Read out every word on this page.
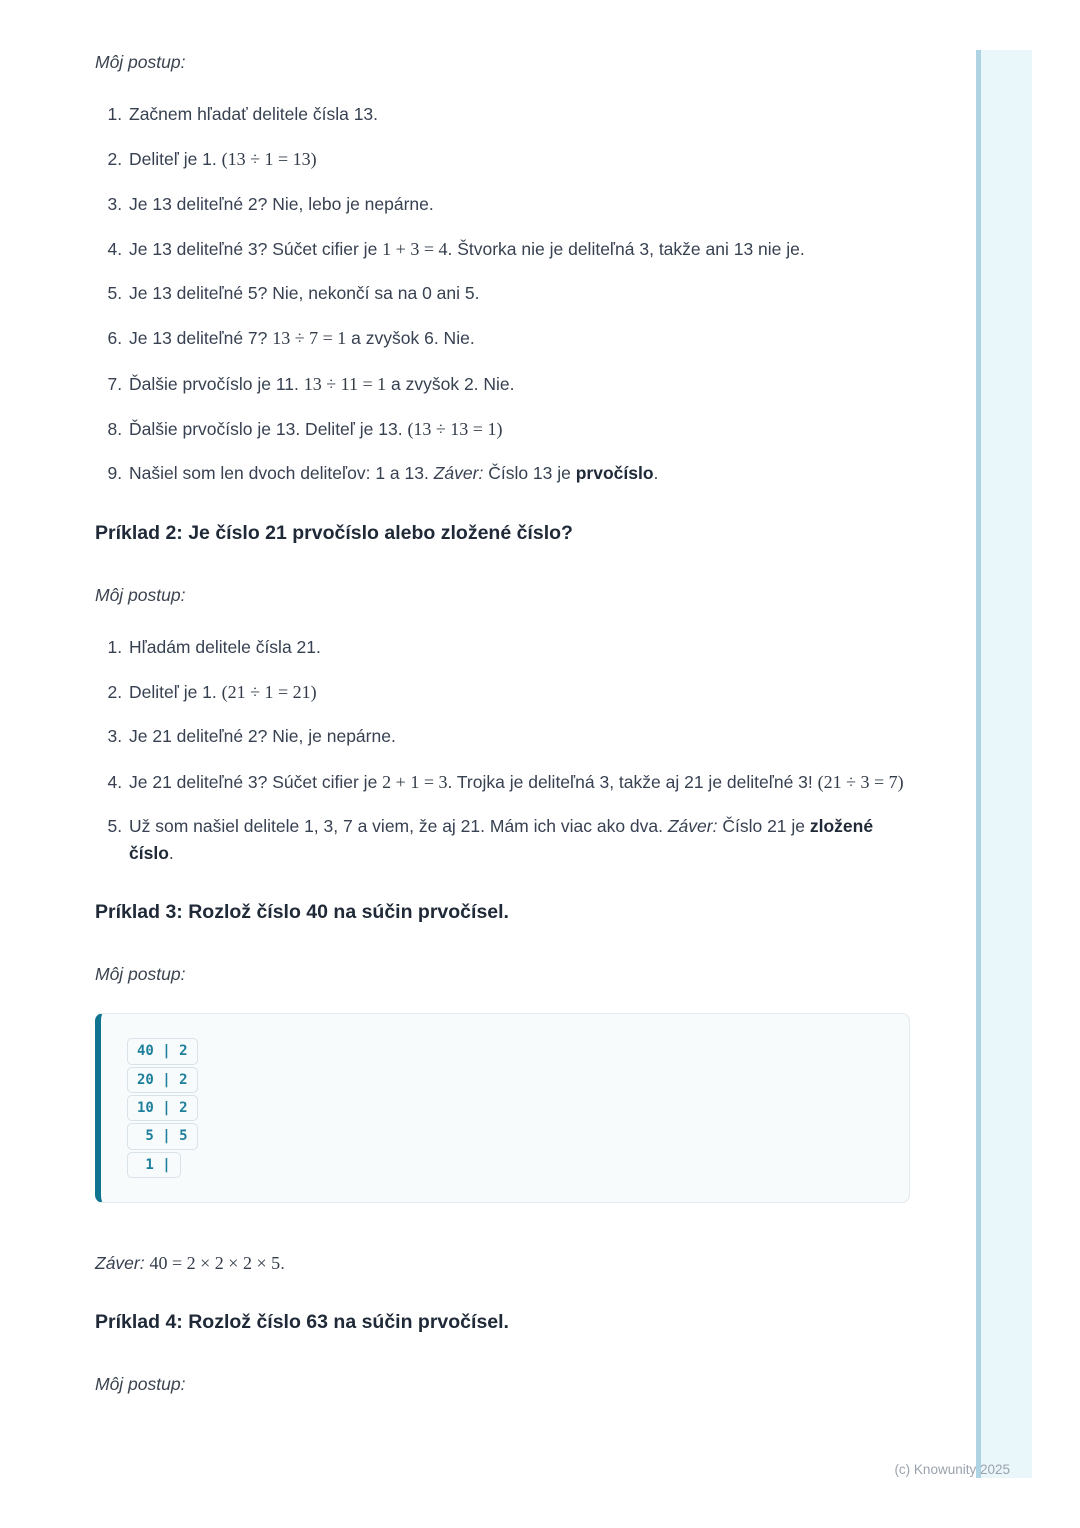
Môj postup:

1. Začnem hľadať delitele čísla 13.
2. Deliteľ je 1. (13 ÷ 1 = 13)
3. Je 13 deliteľné 2? Nie, lebo je nepárne.
4. Je 13 deliteľné 3? Súčet cifier je 1 + 3 = 4. Štvorka nie je deliteľná 3, takže ani 13 nie je.
5. Je 13 deliteľné 5? Nie, nekončí sa na 0 ani 5.
6. Je 13 deliteľné 7? 13 ÷ 7 = 1 a zvyšok 6. Nie.
7. Ďalšie prvočíslo je 11. 13 ÷ 11 = 1 a zvyšok 2. Nie.
8. Ďalšie prvočíslo je 13. Deliteľ je 13. (13 ÷ 13 = 1)
9. Našiel som len dvoch deliteľov: 1 a 13. Záver: Číslo 13 je prvočíslo.
Príklad 2: Je číslo 21 prvočíslo alebo zložené číslo?

Môj postup:

1. Hľadám delitele čísla 21.
2. Deliteľ je 1. (21 ÷ 1 = 21)
3. Je 21 deliteľné 2? Nie, je nepárne.
4. Je 21 deliteľné 3? Súčet cifier je 2 + 1 = 3. Trojka je deliteľná 3, takže aj 21 je deliteľné 3! (21 ÷ 3 = 7)
5. Už som našiel delitele 1, 3, 7 a viem, že aj 21. Mám ich viac ako dva. Záver: Číslo 21 je zložené číslo.
Príklad 3: Rozlož číslo 40 na súčin prvočísel.

Môj postup:

40 | 2
20 | 2
10 | 2
5 | 5
1 |

Záver: 40 = 2 × 2 × 2 × 5.

Príklad 4: Rozlož číslo 63 na súčin prvočísel.

Môj postup:

(c) Knowunity 2025
